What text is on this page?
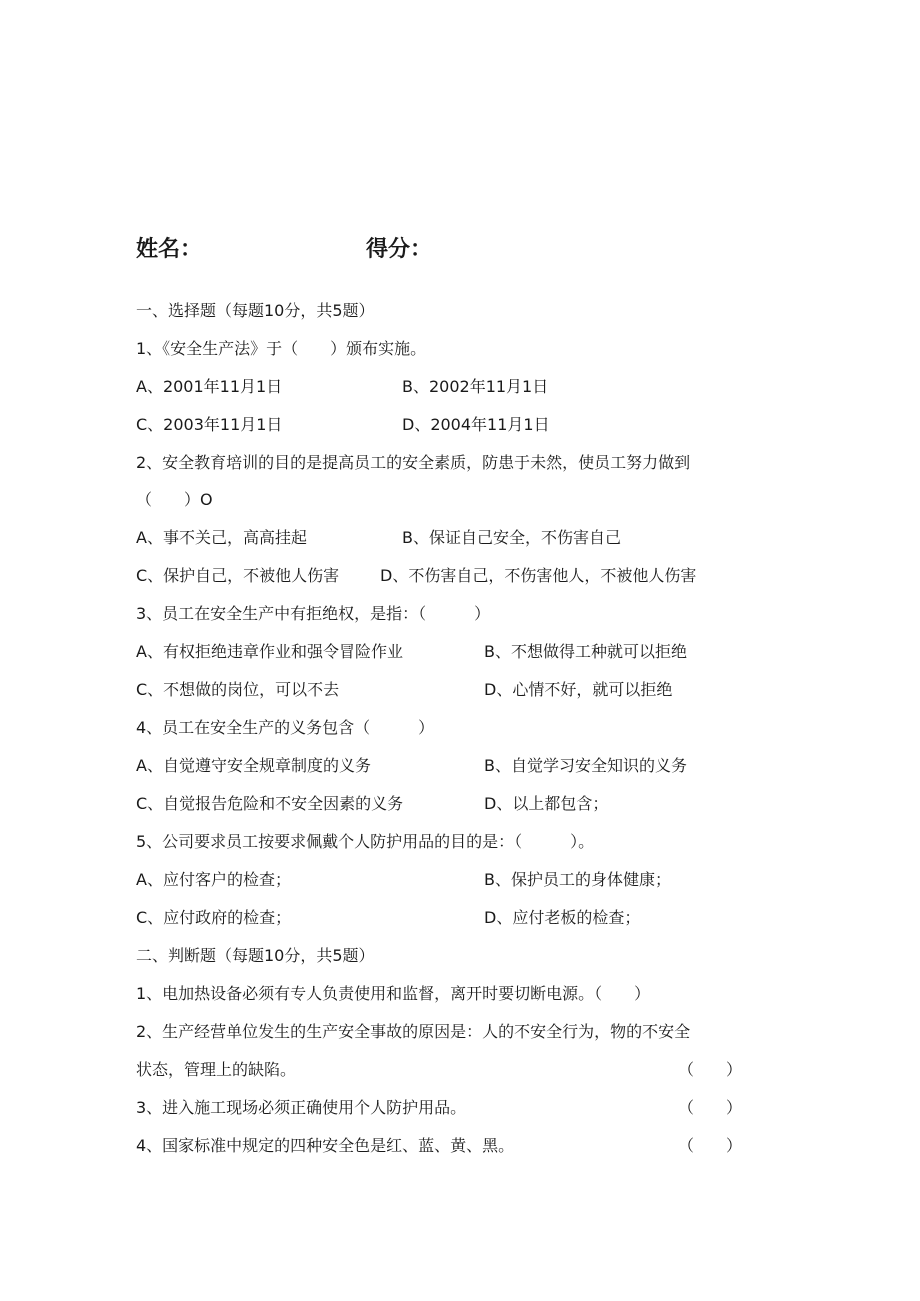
姓名：	得分：
一、选择题（每题10分，共5题）
1、《安全生产法》于（　　）颁布实施。
A、2001年11月1日	B、2002年11月1日
C、2003年11月1日	D、2004年11月1日
2、安全教育培训的目的是提高员工的安全素质，防患于未然，使员工努力做到
（　　）O
A、事不关己，高高挂起	B、保证自己安全，不伤害自己
C、保护自己，不被他人伤害	D、不伤害自己，不伤害他人，不被他人伤害
3、员工在安全生产中有拒绝权，是指：（　　　）
A、有权拒绝违章作业和强令冒险作业	B、不想做得工种就可以拒绝
C、不想做的岗位，可以不去	D、心情不好，就可以拒绝
4、员工在安全生产的义务包含（　　　）
A、自觉遵守安全规章制度的义务	B、自觉学习安全知识的义务
C、自觉报告危险和不安全因素的义务	D、以上都包含；
5、公司要求员工按要求佩戴个人防护用品的目的是：（　　　）。
A、应付客户的检查；	B、保护员工的身体健康；
C、应付政府的检查；	D、应付老板的检查；
二、判断题（每题10分，共5题）
1、电加热设备必须有专人负责使用和监督，离开时要切断电源。（　　）
2、生产经营单位发生的生产安全事故的原因是：人的不安全行为，物的不安全
状态，管理上的缺陷。	（　　）
3、进入施工现场必须正确使用个人防护用品。	（　　）
4、国家标准中规定的四种安全色是红、蓝、黄、黑。	（　　）
